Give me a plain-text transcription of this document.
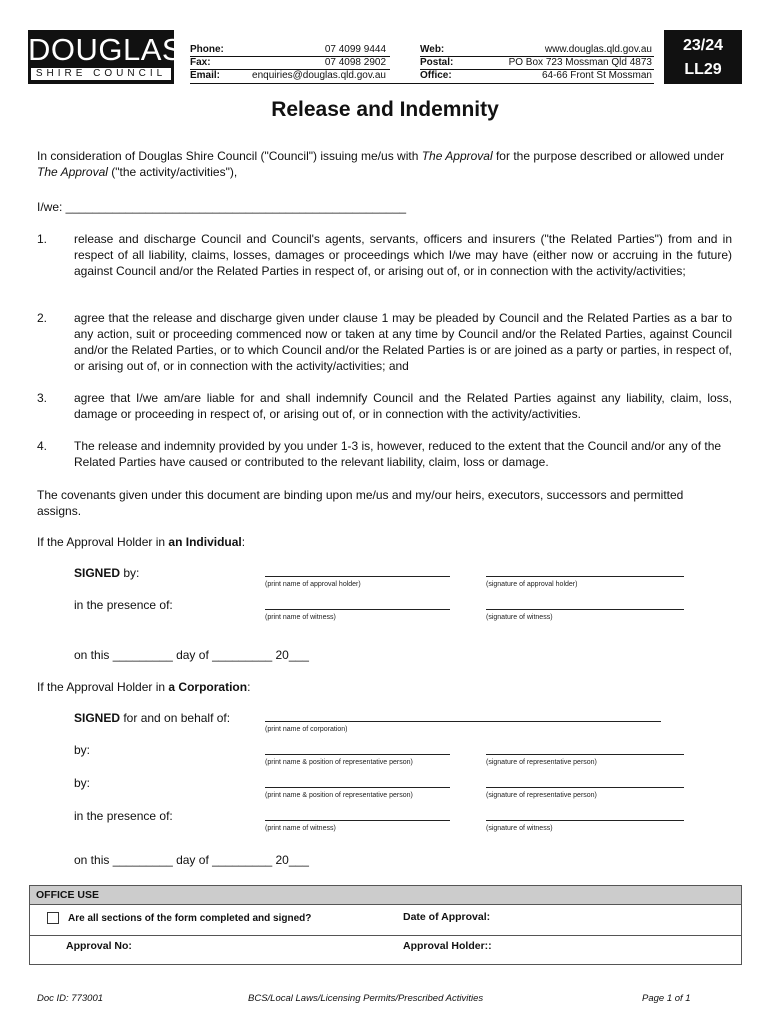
DOUGLAS
SHIRE COUNCIL
Phone:	07 4099 9444
Fax:	07 4098 2902
Email:	enquiries@douglas.qld.gov.au
Web:	www.douglas.qld.gov.au
Postal:	PO Box 723 Mossman Qld 4873
Office:	64-66 Front St Mossman
23/24
LL29
Release and Indemnity
In consideration of Douglas Shire Council ("Council") issuing me/us with The Approval for the purpose described or allowed under The Approval ("the activity/activities"),
I/we: ___________________________________________________
1. release and discharge Council and Council's agents, servants, officers and insurers ("the Related Parties") from and in respect of all liability, claims, losses, damages or proceedings which I/we may have (either now or accruing in the future) against Council and/or the Related Parties in respect of, or arising out of, or in connection with the activity/activities;
2. agree that the release and discharge given under clause 1 may be pleaded by Council and the Related Parties as a bar to any action, suit or proceeding commenced now or taken at any time by Council and/or the Related Parties, against Council and/or the Related Parties, or to which Council and/or the Related Parties is or are joined as a party or parties, in respect of, or arising out of, or in connection with the activity/activities; and
3. agree that I/we am/are liable for and shall indemnify Council and the Related Parties against any liability, claim, loss, damage or proceeding in respect of, or arising out of, or in connection with the activity/activities.
4. The release and indemnity provided by you under 1-3 is, however, reduced to the extent that the Council and/or any of the Related Parties have caused or contributed to the relevant liability, claim, loss or damage.
The covenants given under this document are binding upon me/us and my/our heirs, executors, successors and permitted assigns.
If the Approval Holder in an Individual:
SIGNED by:
(print name of approval holder)	(signature of approval holder)
in the presence of:
(print name of witness)	(signature of witness)
on this _________ day of _________ 20___
If the Approval Holder in a Corporation:
SIGNED for and on behalf of:
(print name of corporation)
by:
(print name & position of representative person)	(signature of representative person)
by:
(print name & position of representative person)	(signature of representative person)
in the presence of:
(print name of witness)	(signature of witness)
on this _________ day of _________ 20___
OFFICE USE
Are all sections of the form completed and signed?	Date of Approval:
Approval No:	Approval Holder::
Doc ID: 773001	BCS/Local Laws/Licensing Permits/Prescribed Activities	Page 1 of 1
